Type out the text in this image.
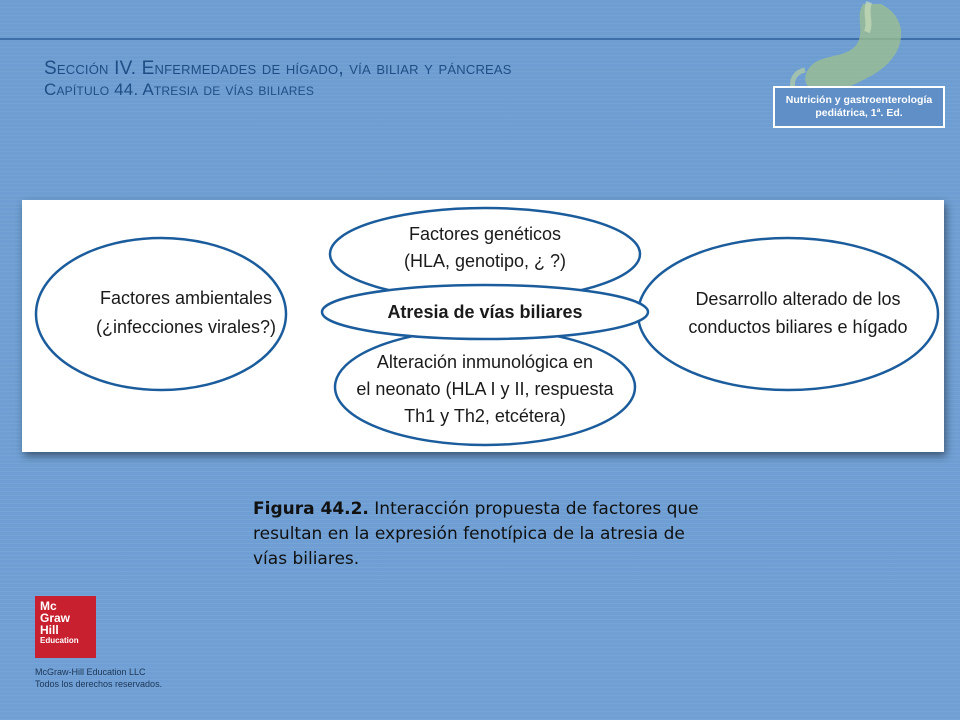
Sección IV. Enfermedades de hígado, vía biliar y páncreas
Capítulo 44. Atresia de vías biliares
Nutrición y gastroenterología pediátrica, 1ª. Ed.
Factores genéticos
(HLA, genotipo, ¿ ?)
Factores ambientales
(¿infecciones virales?)
Desarrollo alterado de los
conductos biliares e hígado
Atresia de vías biliares
Alteración inmunológica en
el neonato (HLA I y II, respuesta
Th1 y Th2, etcétera)
Figura 44.2. Interacción propuesta de factores que resultan en la expresión fenotípica de la atresia de vías biliares.
Mc
Graw
Hill
Education
McGraw-Hill Education LLC
Todos los derechos reservados.
